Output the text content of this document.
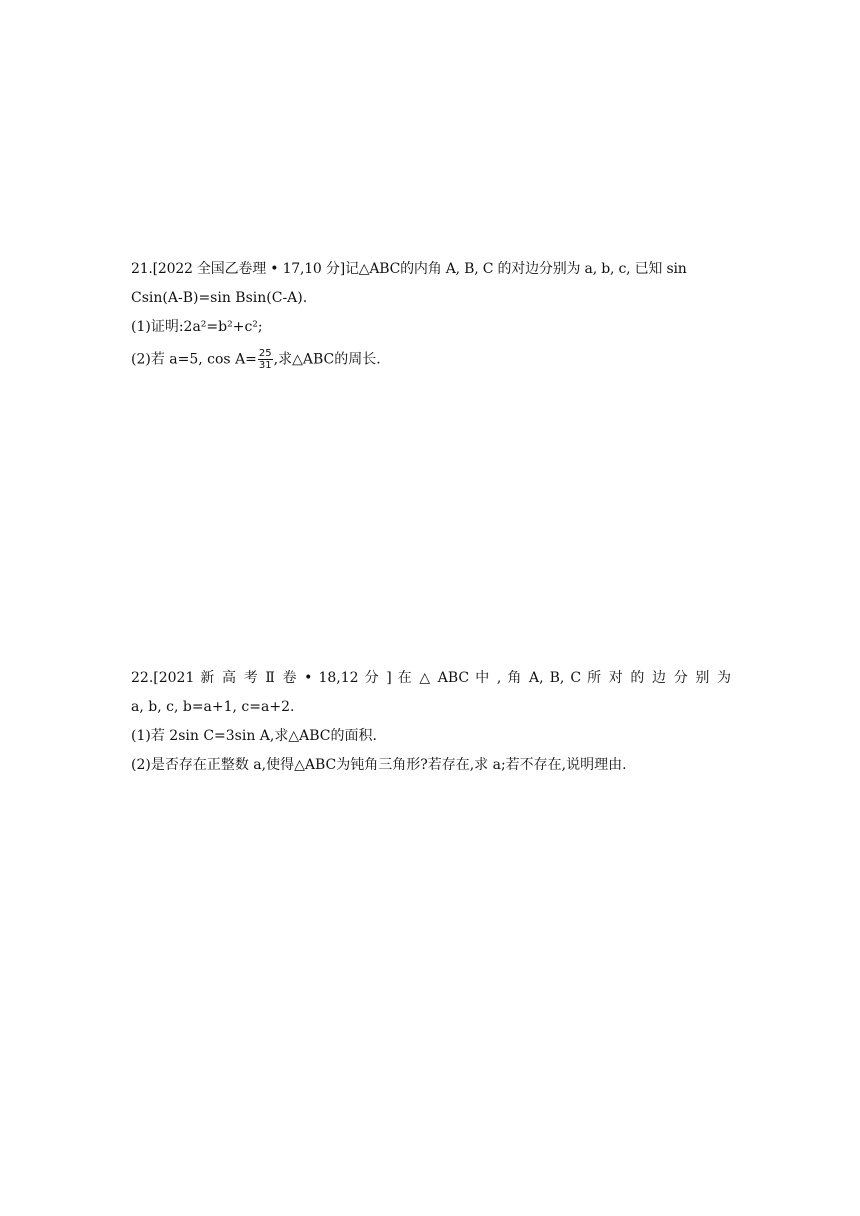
21.[2022 全国乙卷理 • 17,10 分]记△ABC的内角 A, B, C 的对边分别为 a, b, c, 已知 sin
Csin(A-B)=sin Bsin(C-A).
(1)证明:2a²=b²+c²;
(2)若 a=5, $\cos A= \frac{25}{31}$ ,求△ABC的周长.
22.[2021 新 高 考 Ⅱ 卷 • 18,12 分 ] 在 △ ABC 中 , 角 A, B, C 所 对 的 边 分 别 为
a, b, c, b=a+1, c=a+2.
(1)若 2sin C=3sin A,求△ABC的面积.
(2)是否存在正整数 a,使得△ABC为钝角三角形?若存在,求 a;若不存在,说明理由.
